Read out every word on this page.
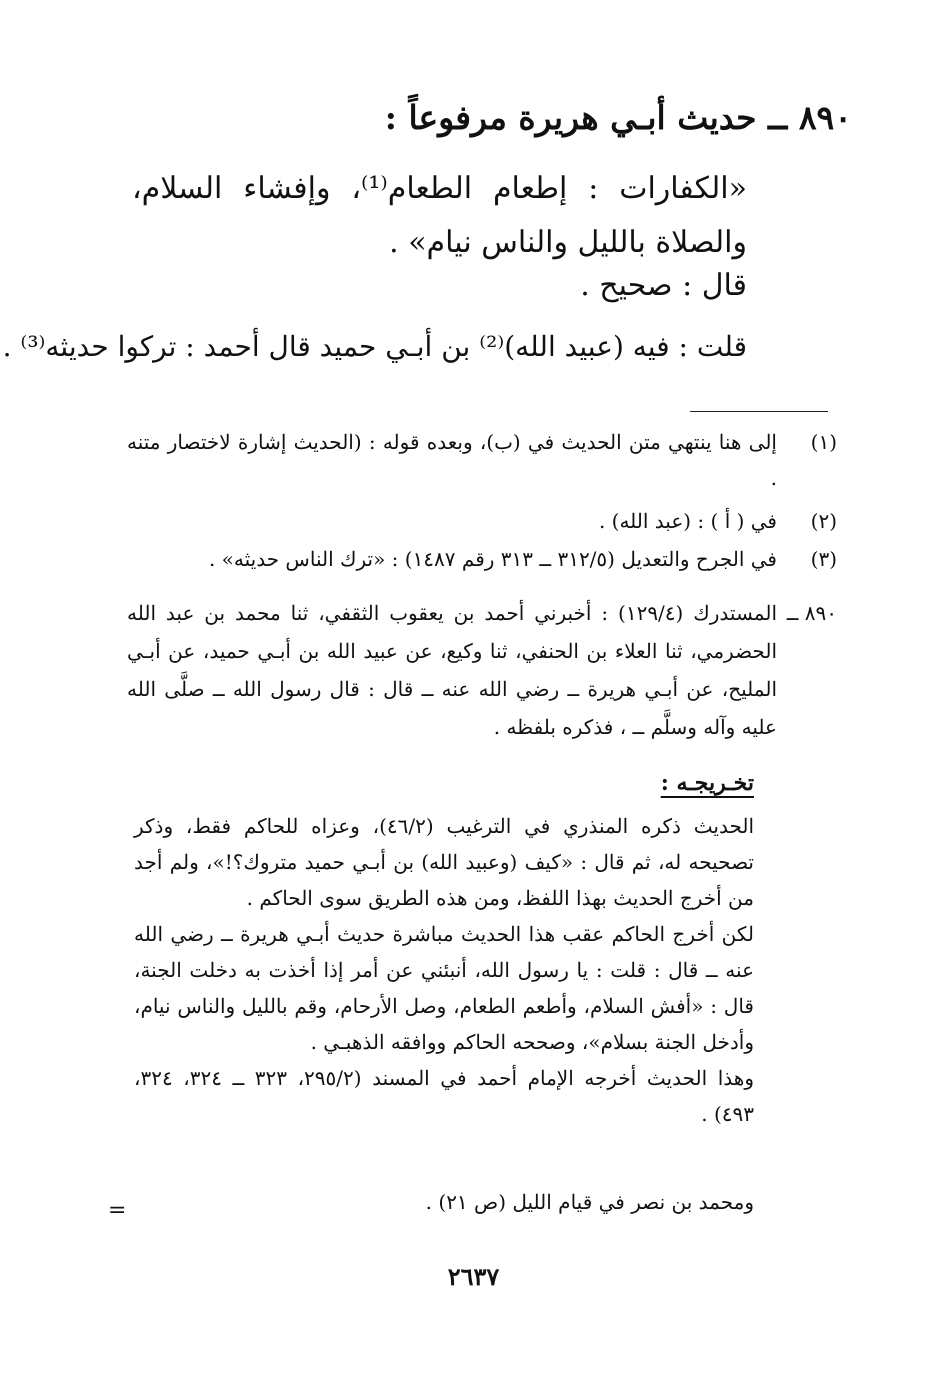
٨٩٠ ــ حديث أبـي هريرة مرفوعاً :
«الكفارات : إطعام الطعام⁽¹⁾، وإفشاء السلام، والصلاة بالليل والناس نيام» .
قال : صحيح .
قلت : فيه (عبيد الله)⁽²⁾ بن أبـي حميد قال أحمد : تركوا حديثه⁽³⁾ .
(١)
إلى هنا ينتهي متن الحديث في (ب)، وبعده قوله : (الحديث إشارة لاختصار متنه .
(٢)
في ( أ ) : (عبد الله) .
(٣)
في الجرح والتعديل (٣١٢/٥ ــ ٣١٣ رقم ١٤٨٧) : «ترك الناس حديثه» .
٨٩٠ ــ
المستدرك (١٢٩/٤) : أخبرني أحمد بن يعقوب الثقفي، ثنا محمد بن عبد الله الحضرمي، ثنا العلاء بن الحنفي، ثنا وكيع، عن عبيد الله بن أبـي حميد، عن أبـي المليح، عن أبـي هريرة ــ رضي الله عنه ــ قال : قال رسول الله ــ صلَّى الله عليه وآله وسلَّم ــ ، فذكره بلفظه .
تخـريجـه :

الحديث ذكره المنذري في الترغيب (٤٦/٢)، وعزاه للحاكم فقط، وذكر تصحيحه له، ثم قال : «كيف (وعبيد الله) بن أبـي حميد متروك؟!»، ولم أجد من أخرج الحديث بهذا اللفظ، ومن هذه الطريق سوى الحاكم .

لكن أخرج الحاكم عقب هذا الحديث مباشرة حديث أبـي هريرة ــ رضي الله عنه ــ قال : قلت : يا رسول الله، أنبئني عن أمر إذا أخذت به دخلت الجنة، قال : «أفش السلام، وأطعم الطعام، وصل الأرحام، وقم بالليل والناس نيام، وأدخل الجنة بسلام»، وصححه الحاكم ووافقه الذهبـي .

وهذا الحديث أخرجه الإمام أحمد في المسند (٢٩٥/٢، ٣٢٣ ــ ٣٢٤، ٣٢٤، ٤٩٣) .

ومحمد بن نصر في قيام الليل (ص ٢١) .
=
٢٦٣٧
